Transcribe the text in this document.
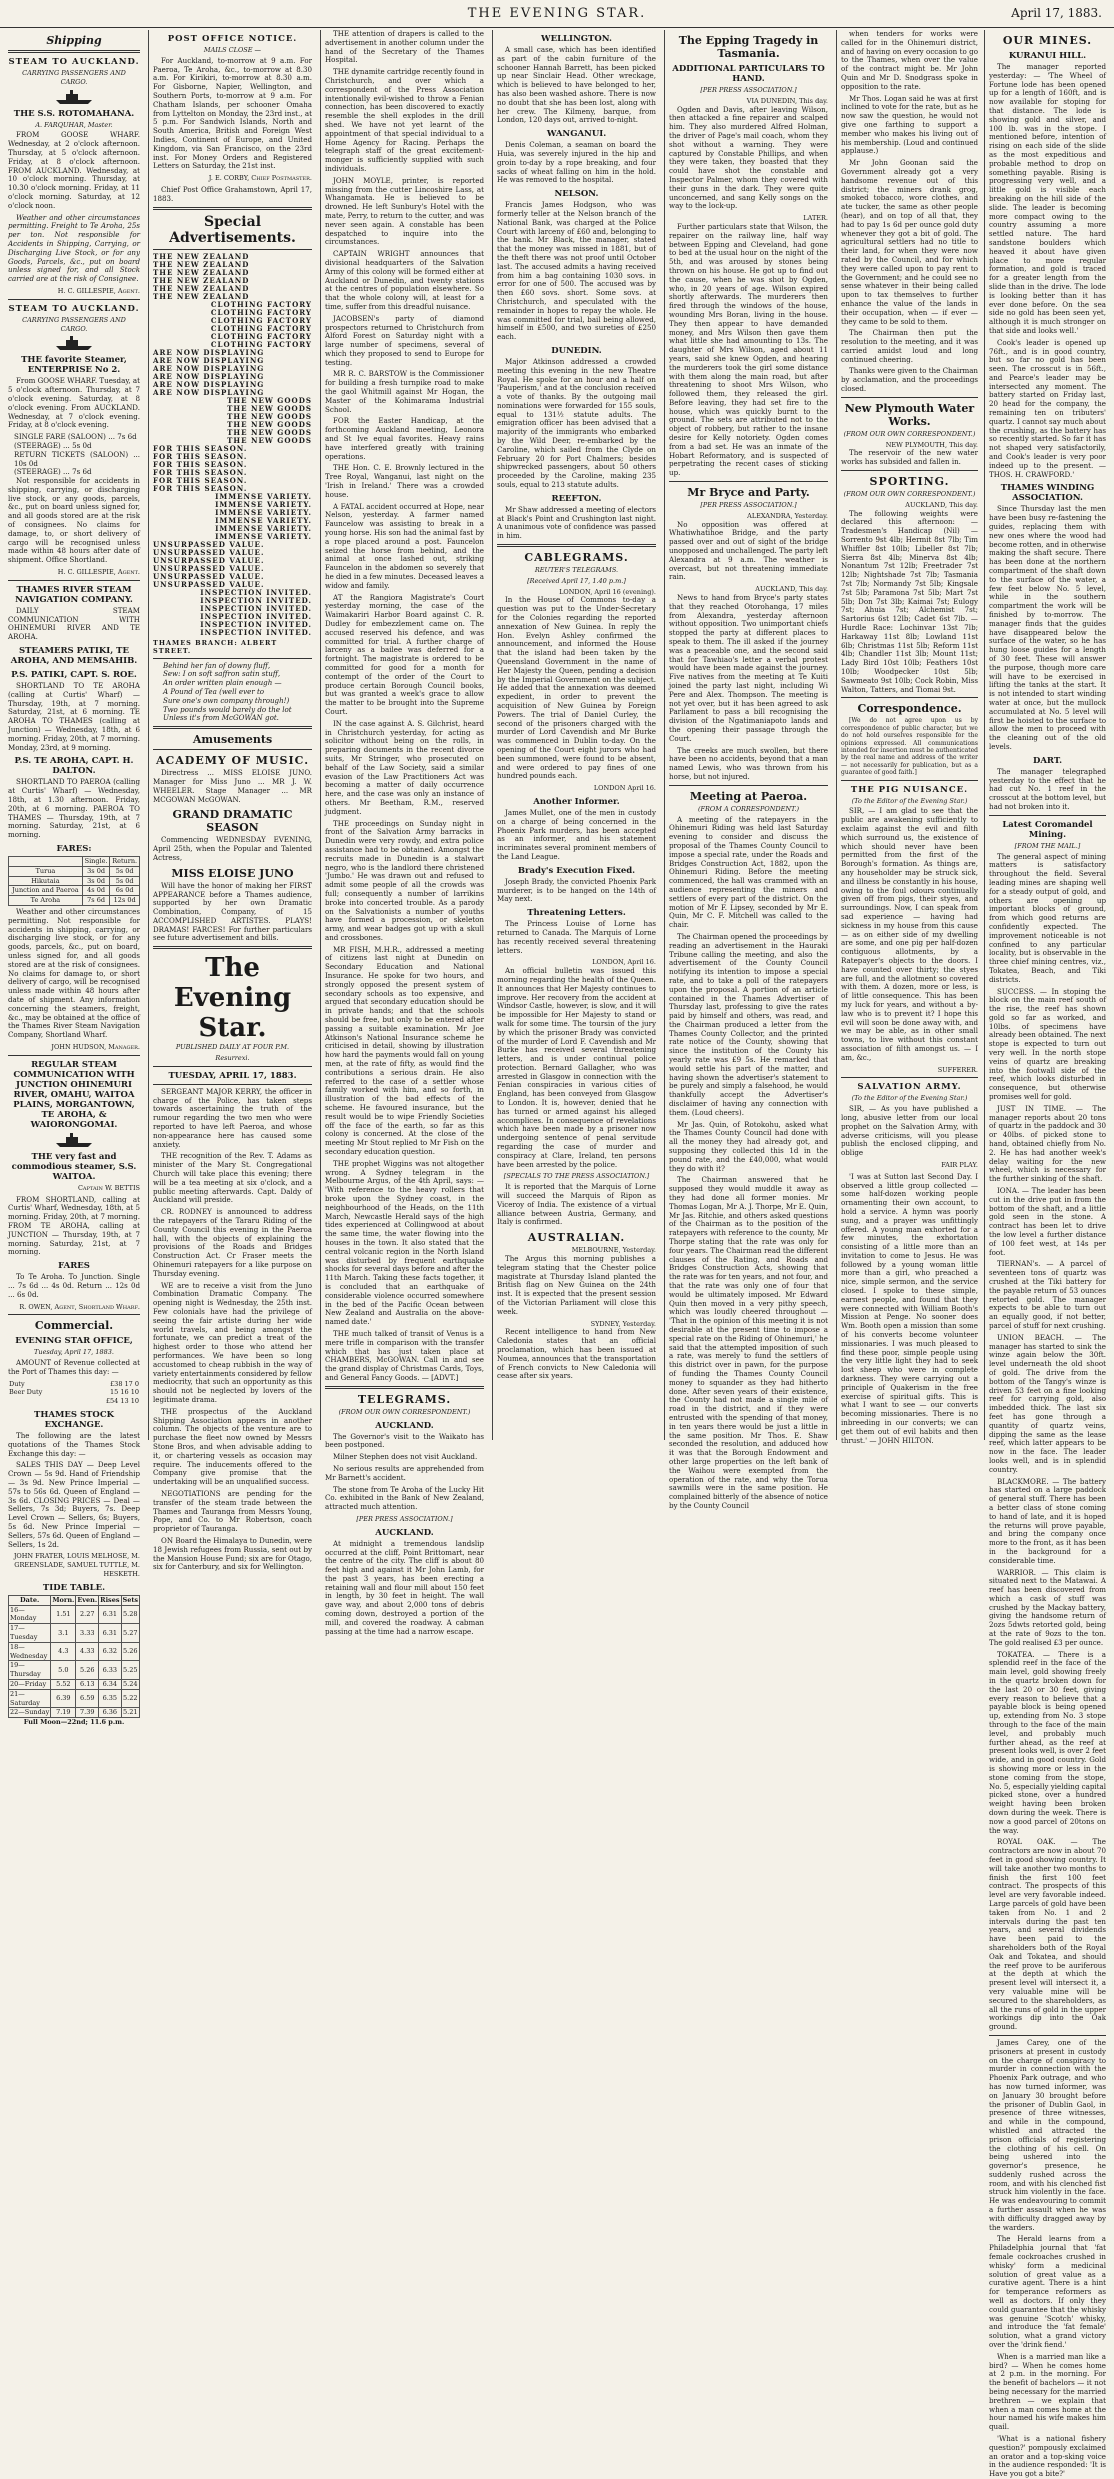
THE EVENING STAR.	April 17, 1883.
Shipping
STEAM TO AUCKLAND.
CARRYING PASSENGERS AND CARGO.
THE S.S. ROTOMAHANA.
A. FARQUHAR, Master.
FROM GOOSE WHARF. Wednesday, at 2 o'clock afternoon. Thursday, at 5 o'clock afternoon. Friday, at 8 o'clock afternoon. FROM AUCKLAND. Wednesday, at 10 o'clock morning. Thursday, at 10.30 o'clock morning. Friday, at 11 o'clock morning. Saturday, at 12 o'clock noon.
Weather and other circumstances permitting. Freight to Te Aroha, 25s per ton. Not responsible for Accidents in Shipping, Carrying, or Discharging Live Stock, or for any Goods, Parcels, &c., put on board unless signed for, and all Stock carried are at the risk of Consignee.
H. C. GILLESPIE, Agent.
STEAM TO AUCKLAND.
CARRYING PASSENGERS AND CARGO.
THE favorite Steamer, ENTERPRISE No 2.
From GOOSE WHARF. Tuesday, at 5 o'clock afternoon. Thursday, at 7 o'clock evening. Saturday, at 8 o'clock evening. From AUCKLAND. Wednesday, at 7 o'clock evening. Friday, at 8 o'clock evening.
SINGLE FARE (SALOON) ... 7s 6d
(STEERAGE) ... 5s 0d
RETURN TICKETS (SALOON) ... 10s 0d
(STEERAGE) ... 7s 6d
Not responsible for accidents in shipping, carrying, or discharging live stock, or any goods, parcels, &c., put on board unless signed for, and all goods stored are at the risk of consignees. No claims for damage, to, or short delivery of cargo will be recognised unless made within 48 hours after date of shipment. Office Shortland.
H. C. GILLESPIE, Agent.
THAMES RIVER STEAM NAVIGATION COMPANY.
DAILY STEAM COMMUNICATION WITH OHINEMURI RIVER AND TE AROHA.
STEAMERS PATIKI, TE AROHA, AND MEMSAHIB.
P.S. PATIKI, CAPT. S. ROE.
SHORTLAND TO TE AROHA (calling at Curtis' Wharf) — Thursday, 19th, at 7 morning. Saturday, 21st, at 6 morning. TE AROHA TO THAMES (calling at Junction) — Wednesday, 18th, at 6 morning. Friday, 20th, at 7 morning. Monday, 23rd, at 9 morning.
P.S. TE AROHA, CAPT. H. DALTON.
SHORTLAND TO PAEROA (calling at Curtis' Wharf) — Wednesday, 18th, at 1.30 afternoon. Friday, 20th, at 6 morning. PAEROA TO THAMES — Thursday, 19th, at 7 morning. Saturday, 21st, at 6 morning.
FARES:
	Single.	Return.
Turua	3s 0d	5s 0d
Hikutaia	3s 0d	5s 0d
Junction and Paeroa	4s 0d	6s 0d
Te Aroha	7s 6d	12s 0d
Weather and other circumstances permitting. Not responsible for accidents in shipping, carrying, or discharging live stock, or for any goods, parcels, &c., put on board, unless signed for, and all goods stored are at the risk of consignees. No claims for damage to, or short delivery of cargo, will be recognised unless made within 48 hours after date of shipment. Any information concerning the steamers, freight, &c., may be obtained at the office of the Thames River Steam Navigation Company, Shortland Wharf.
JOHN HUDSON, Manager.
REGULAR STEAM COMMUNICATION WITH JUNCTION OHINEMURI RIVER, OMAHU, WAITOA PLAINS, MORGANTOWN, TE AROHA, & WAIORONGOMAI.
THE very fast and commodious steamer, S.S. WAITOA.
Captain W. BETTIS
FROM SHORTLAND, calling at Curtis' Wharf, Wednesday, 18th, at 5 morning. Friday, 20th, at 7 morning. FROM TE AROHA, calling at JUNCTION — Thursday, 19th, at 7 morning. Saturday, 21st, at 7 morning.
FARES
To Te Aroha. To Junction. Single ... 7s 6d ... 4s 0d. Return ... 12s 0d ... 6s 0d.
R. OWEN, Agent, Shortland Wharf.
Commercial.
EVENING STAR OFFICE,
Tuesday, April 17, 1883.
AMOUNT of Revenue collected at the Port of Thames this day: —
Duty	£38 17 0
Beer Duty	15 16 10
	£54 13 10
THAMES STOCK EXCHANGE.
The following are the latest quotations of the Thames Stock Exchange this day: —
SALES THIS DAY — Deep Level Crown — 5s 9d. Hand of Friendship — 3s 9d. New Prince Imperial — 57s to 56s 6d. Queen of England — 3s 6d. CLOSING PRICES — Deal — Sellers, 7s 3d; Buyers, 7s. Deep Level Crown — Sellers, 6s; Buyers, 5s 6d. New Prince Imperial — Sellers, 57s 6d. Queen of England — Sellers, 1s 2d.
JOHN FRATER, LOUIS MELHOSE, M. GREENSLADE, SAMUEL TUTTLE, M. HESKETH.
TIDE TABLE.
Date.	Morn.	Even.	Rises	Sets
16—Monday	1.51	2.27	6.31	5.28
17—Tuesday	3.1	3.33	6.31	5.27
18—Wednesday	4.3	4.33	6.32	5.26
19—Thursday	5.0	5.26	6.33	5.25
20—Friday	5.52	6.13	6.34	5.24
21—Saturday	6.39	6.59	6.35	5.22
22—Sunday	7.19	7.39	6.36	5.21
Full Moon—22nd; 11.6 p.m.
POST OFFICE NOTICE.
MAILS CLOSE —
For Auckland, to-morrow at 9 a.m. For Paeroa, Te Aroha, &c., to-morrow at 8.30 a.m. For Kirikiri, to-morrow at 8.30 a.m. For Gisborne, Napier, Wellington, and Southern Ports, to-morrow at 9 a.m. For Chatham Islands, per schooner Omaha from Lyttelton on Monday, the 23rd inst., at 5 p.m. For Sandwich Islands, North and South America, British and Foreign West Indies, Continent of Europe, and United Kingdom, via San Francisco, on the 23rd inst. For Money Orders and Registered Letters on Saturday, the 21st inst.
J. E. CORBY, Chief Postmaster.
Chief Post Office Grahamstown, April 17, 1883.
Special Advertisements.
THE NEW ZEALAND
THE NEW ZEALAND
THE NEW ZEALAND
THE NEW ZEALAND
THE NEW ZEALAND
THE NEW ZEALAND
CLOTHING FACTORY
CLOTHING FACTORY
CLOTHING FACTORY
CLOTHING FACTORY
CLOTHING FACTORY
CLOTHING FACTORY
ARE NOW DISPLAYING
ARE NOW DISPLAYING
ARE NOW DISPLAYING
ARE NOW DISPLAYING
ARE NOW DISPLAYING
ARE NOW DISPLAYING
THE NEW GOODS
THE NEW GOODS
THE NEW GOODS
THE NEW GOODS
THE NEW GOODS
THE NEW GOODS
FOR THIS SEASON.
FOR THIS SEASON.
FOR THIS SEASON.
FOR THIS SEASON.
FOR THIS SEASON.
FOR THIS SEASON.
IMMENSE VARIETY.
IMMENSE VARIETY.
IMMENSE VARIETY.
IMMENSE VARIETY.
IMMENSE VARIETY.
IMMENSE VARIETY.
UNSURPASSED VALUE.
UNSURPASSED VALUE.
UNSURPASSED VALUE.
UNSURPASSED VALUE.
UNSURPASSED VALUE.
UNSURPASSED VALUE.
INSPECTION INVITED.
INSPECTION INVITED.
INSPECTION INVITED.
INSPECTION INVITED.
INSPECTION INVITED.
INSPECTION INVITED.
THAMES BRANCH: ALBERT STREET.
Behind her fan of downy fluff,
Sew: I on soft saffron satin stuff,
An order written plain enough —
A Pound of Tea (well ever to
Sure one's own company through!)
Two pounds would barely do the lot
Unless it's from McGOWAN got.
Amusements
ACADEMY OF MUSIC.
Directress ... MISS ELOISE JUNO. Manager for Miss Juno ... MR J. W. WHEELER. Stage Manager ... MR MCGOWAN McGOWAN.
GRAND DRAMATIC SEASON
Commencing WEDNESDAY EVENING, April 25th, when the Popular and Talented Actress,
MISS ELOISE JUNO
Will have the honor of making her FIRST APPEARANCE before a Thames audience, supported by her own Dramatic Combination, Company, of 15 ACCOMPLISHED ARTISTES. PLAYS! DRAMAS! FARCES! For further particulars see future advertisement and bills.
The Evening Star.
PUBLISHED DAILY AT FOUR P.M.
Resurrexi.
TUESDAY, APRIL 17, 1883.
SERGEANT MAJOR KERRY, the officer in charge of the Police, has taken steps towards ascertaining the truth of the rumour regarding the two men who were reported to have left Paeroa, and whose non-appearance here has caused some anxiety.
THE recognition of the Rev. T. Adams as minister of the Mary St. Congregational Church will take place this evening; there will be a tea meeting at six o'clock, and a public meeting afterwards. Capt. Daldy of Auckland will preside.
CR. RODNEY is announced to address the ratepayers of the Tararu Riding of the County Council this evening in the Paeroa hall, with the objects of explaining the provisions of the Roads and Bridges Construction Act. Cr Fraser meets the Ohinemuri ratepayers for a like purpose on Thursday evening.
WE are to receive a visit from the Juno Combination Dramatic Company. The opening night is Wednesday, the 25th inst. Few colonials have had the privilege of seeing the fair artiste during her wide world travels, and being amongst the fortunate, we can predict a treat of the highest order to those who attend her performances. We have been so long accustomed to cheap rubbish in the way of variety entertainments considered by fellow mediocrity, that such an opportunity as this should not be neglected by lovers of the legitimate drama.
THE prospectus of the Auckland Shipping Association appears in another column. The objects of the venture are to purchase the fleet now owned by Messrs Stone Bros, and when advisable adding to it, or chartering vessels as occasion may require. The inducements offered to the Company give promise that the undertaking will be an unqualified success.
NEGOTIATIONS are pending for the transfer of the steam trade between the Thames and Tauranga from Messrs Young, Pope, and Co. to Mr Robertson, coach proprietor of Tauranga.
ON Board the Himalaya to Dunedin, were 18 Jewish refugees from Russia, sent out by the Mansion House Fund; six are for Otago, six for Canterbury, and six for Wellington.
THE attention of drapers is called to the advertisement in another column under the hand of the Secretary of the Thames Hospital.
THE dynamite cartridge recently found in Christchurch, and over which a correspondent of the Press Association intentionally evil-wished to throw a Fenian connection, has been discovered to exactly resemble the shell explodes in the drill shed. We have not yet learnt of the appointment of that special individual to a Home Agency for Racing. Perhaps the telegraph staff of the great excitement-monger is sufficiently supplied with such individuals.
JOHN MOYLE, printer, is reported missing from the cutter Lincoshire Lass, at Whangamata. He is believed to be drowned. He left Sunbury's Hotel with the mate, Perry, to return to the cutter, and was never seen again. A constable has been despatched to inquire into the circumstances.
CAPTAIN WRIGHT announces that divisional headquarters of the Salvation Army of this colony will be formed either at Auckland or Dunedin, and twenty stations at the centres of population elsewhere. So that the whole colony will, at least for a time, suffer from this dreadful nuisance.
JACOBSEN's party of diamond prospectors returned to Christchurch from Alford Forest on Saturday night with a large number of specimens, several of which they proposed to send to Europe for testing.
MR R. C. BARSTOW is the Commissioner for building a fresh turnpike road to make the gaol Whitmill against Mr Hogan, the Master of the Kohimarama Industrial School.
FOR the Easter Handicap, at the forthcoming Auckland meeting, Leonora and St Ive equal favorites. Heavy rains have interfered greatly with training operations.
THE Hon. C. E. Brownly lectured in the Tree Royal, Wanganui, last night on the 'Irish in Ireland.' There was a crowded house.
A FATAL accident occurred at Hope, near Nelson, yesterday. A farmer named Fauncelow was assisting to break in a young horse. His son had the animal fast by a rope placed around a post. Fauncelon seized the horse from behind, and the animal at once lashed out, striking Fauncelon in the abdomen so severely that he died in a few minutes. Deceased leaves a widow and family.
AT the Rangiora Magistrate's Court yesterday morning, the case of the Waimakariri Harbor Board against C. R. Dudley for embezzlement came on. The accused reserved his defence, and was committed for trial. A further charge of larceny as a bailee was deferred for a fortnight. The magistrate is ordered to be committed for good for a month for contempt of the order of the Court to produce certain Borough Council books, but was granted a week's grace to allow the matter to be brought into the Supreme Court.
IN the case against A. S. Gilchrist, heard in Christchurch yesterday, for acting as solicitor without being on the rolls, in preparing documents in the recent divorce suits, Mr Stringer, who prosecuted on behalf of the Law Society, said a similar evasion of the Law Practitioners Act was becoming a matter of daily occurrence here, and the case was only an instance of others. Mr Beetham, R.M., reserved judgment.
THE proceedings on Sunday night in front of the Salvation Army barracks in Dunedin were very rowdy, and extra police assistance had to be obtained. Amongst the recruits made in Dunedin is a stalwart negro, who is the landlord there christened 'Jumbo.' He was drawn out and refused to admit some people of all the crowds was full; consequently a number of larrikins broke into concerted trouble. As a parody on the Salvationists a number of youths have formed a procession, or skeleton army, and wear badges got up with a skull and crossbones.
MR FISH, M.H.R., addressed a meeting of citizens last night at Dunedin on Secondary Education and National Insurance. He spoke for two hours, and strongly opposed the present system of secondary schools as too expensive, and argued that secondary education should be in private hands; and that the schools should be free, but only to be entered after passing a suitable examination. Mr Joe Atkinson's National Insurance scheme he criticised in detail, showing by illustration how hard the payments would fall on young men, at the rate of fifty, as would find the contributions a serious drain. He also referred to the case of a settler whose family worked with him, and so forth, in illustration of the bad effects of the scheme. He favoured insurance, but the result would be to wipe Friendly Societies off the face of the earth, so far as this colony is concerned. At the close of the meeting Mr Stout replied to Mr Fish on the secondary education question.
THE prophet Wiggins was not altogether wrong. A Sydney telegram in the Melbourne Argus, of the 4th April, says: — 'With reference to the heavy rollers that broke upon the Sydney coast, in the neighbourhood of the Heads, on the 11th March, Newcastle Herald says of the high tides experienced at Collingwood at about the same time, the water flowing into the houses in the town. It also stated that the central volcanic region in the North Island was disturbed by frequent earthquake shocks for several days before and after the 11th March. Taking these facts together, it is concluded that an earthquake of considerable violence occurred somewhere in the bed of the Pacific Ocean between New Zealand and Australia on the above-named date.'
THE much talked of transit of Venus is a mere trifle in comparison with the transfer which that has just taken place at CHAMBERS, McGOWAN. Call in and see the grand display of Christmas Cards, Toys, and General Fancy Goods. — [ADVT.]
TELEGRAMS.
(FROM OUR OWN CORRESPONDENT.)
AUCKLAND.
The Governor's visit to the Waikato has been postponed.
Milner Stephen does not visit Auckland.
No serious results are apprehended from Mr Barnett's accident.
The stone from Te Aroha of the Lucky Hit Co. exhibited in the Bank of New Zealand, attracted much attention.
[PER PRESS ASSOCIATION.]
AUCKLAND.
At midnight a tremendous landslip occurred at the cliff, Point Brittomart, near the centre of the city. The cliff is about 80 feet high and against it Mr John Lamb, for the past 3 years, has been erecting a retaining wall and flour mill about 150 feet in length, by 30 feet in height. The wall gave way, and about 2,000 tons of debris coming down, destroyed a portion of the mill, and covered the roadway. A cabman passing at the time had a narrow escape.
WELLINGTON.
A small case, which has been identified as part of the cabin furniture of the schooner Hannah Barrett, has been picked up near Sinclair Head. Other wreckage, which is believed to have belonged to her, has also been washed ashore. There is now no doubt that she has been lost, along with her crew. The Kilmeny, barque, from London, 120 days out, arrived to-night.
WANGANUI.
Denis Coleman, a seaman on board the Huia, was severely injured in the hip and groin to-day by a rope breaking, and four sacks of wheat falling on him in the hold. He was removed to the hospital.
NELSON.
Francis James Hodgson, who was formerly teller at the Nelson branch of the National Bank, was charged at the Police Court with larceny of £60 and, belonging to the bank. Mr Black, the manager, stated that the money was missed in 1881, but of the theft there was not proof until October last. The accused admits a having received from him a bag containing 1030 sovs. in error for one of 500. The accused was by then £60 sovs. short. Some sovs. at Christchurch, and speculated with the remainder in hopes to repay the whole. He was committed for trial, bail being allowed, himself in £500, and two sureties of £250 each.
DUNEDIN.
Major Atkinson addressed a crowded meeting this evening in the new Theatre Royal. He spoke for an hour and a half on 'Pauperism,' and at the conclusion received a vote of thanks. By the outgoing mail nominations were forwarded for 155 souls, equal to 131½ statute adults. The emigration officer has been advised that a majority of the immigrants who embarked by the Wild Deer, re-embarked by the Caroline, which sailed from the Clyde on February 20 for Port Chalmers; besides shipwrecked passengers, about 50 others proceeded by the Caroline, making 235 souls, equal to 213 statute adults.
REEFTON.
Mr Shaw addressed a meeting of electors at Black's Point and Crushington last night. A unanimous vote of confidence was passed in him.
CABLEGRAMS.
REUTER'S TELEGRAMS.
[Received April 17, 1.40 p.m.]
LONDON, April 16 (evening).
In the House of Commons to-day a question was put to the Under-Secretary for the Colonies regarding the reported annexation of New Guinea. In reply the Hon. Evelyn Ashley confirmed the announcement, and informed the House that the island had been taken by the Queensland Government in the name of Her Majesty the Queen, pending a decision by the Imperial Government on the subject. He added that the annexation was deemed expedient, in order to prevent the acquisition of New Guinea by Foreign Powers. The trial of Daniel Curley, the second of the prisoners charged with the murder of Lord Cavendish and Mr Burke was commenced in Dublin to-day. On the opening of the Court eight jurors who had been summoned, were found to be absent, and were ordered to pay fines of one hundred pounds each.
LONDON April 16.
Another Informer.
James Mullet, one of the men in custody on a charge of being concerned in the Phoenix Park murders, has been accepted as an informer, and his statement incriminates several prominent members of the Land League.
Brady's Execution Fixed.
Joseph Brady, the convicted Phoenix Park murderer, is to be hanged on the 14th of May next.
Threatening Letters.
The Princess Louise of Lorne has returned to Canada. The Marquis of Lorne has recently received several threatening letters.
LONDON, April 16.
An official bulletin was issued this morning regarding the health of the Queen. It announces that Her Majesty continues to improve. Her recovery from the accident at Windsor Castle, however, is slow, and it will be impossible for Her Majesty to stand or walk for some time. The toursin of the jury by which the prisoner Brady was convicted of the murder of Lord F. Cavendish and Mr Burke has received several threatening letters, and is under continual police protection. Bernard Gallagher, who was arrested in Glasgow in connection with the Fenian conspiracies in various cities of England, has been conveyed from Glasgow to London. It is, however, denied that he has turned or armed against his alleged accomplices. In consequence of revelations which have been made by a prisoner now undergoing sentence of penal servitude regarding the case of murder and conspiracy at Clare, Ireland, ten persons have been arrested by the police.
[SPECIALS TO THE PRESS ASSOCIATION.]
It is reported that the Marquis of Lorne will succeed the Marquis of Ripon as Viceroy of India. The existence of a virtual alliance between Austria, Germany, and Italy is confirmed.
AUSTRALIAN.
MELBOURNE, Yesterday.
The Argus this morning publishes a telegram stating that the Chester police magistrate at Thursday Island planted the British flag on New Guinea on the 24th inst. It is expected that the present session of the Victorian Parliament will close this week.
SYDNEY, Yesterday.
Recent intelligence to hand from New Caledonia states that an official proclamation, which has been issued at Noumea, announces that the transportation of French convicts to New Caledonia will cease after six years.
The Epping Tragedy in Tasmania.
ADDITIONAL PARTICULARS TO HAND.
[PER PRESS ASSOCIATION.]
VIA DUNEDIN, This day.
Ogden and Davis, after leaving Wilson, then attacked a fine repairer and scalped him. They also murdered Alfred Holman, the driver of Page's mail coach, whom they shot without a warning. They were captured by Constable Phillips, and when they were taken, they boasted that they could have shot the constable and Inspector Palmer, whom they covered with their guns in the dark. They were quite unconcerned, and sang Kelly songs on the way to the lock-up.
LATER.
Further particulars state that Wilson, the repairer on the railway line, half way between Epping and Cleveland, had gone to bed at the usual hour on the night of the 5th, and was aroused by stones being thrown on his house. He got up to find out the cause, when he was shot by Ogden, who, in 20 years of age. Wilson expired shortly afterwards. The murderers then fired through the windows of the house, wounding Mrs Boran, living in the house. They then appear to have demanded money, and Mrs Wilson then gave them what little she had amounting to 13s. The daughter of Mrs Wilson, aged about 11 years, said she knew Ogden, and hearing the murderers took the girl some distance with them along the main road, but after threatening to shoot Mrs Wilson, who followed them, they released the girl. Before leaving, they had set fire to the house, which was quickly burnt to the ground. The sets are attributed not to the object of robbery, but rather to the insane desire for Kelly notoriety. Ogden comes from a bad set. He was an inmate of the Hobart Reformatory, and is suspected of perpetrating the recent cases of sticking up.
Mr Bryce and Party.
[PER PRESS ASSOCIATION.]
ALEXANDRA, Yesterday.
No opposition was offered at Whatiwhatihoe Bridge, and the party passed over and out of sight of the bridge unopposed and unchallenged. The party left Alexandra at 9 a.m. The weather is overcast, but not threatening immediate rain.
AUCKLAND, This day.
News to hand from Bryce's party states that they reached Otorohanga, 17 miles from Alexandra, yesterday afternoon without opposition. Two unimportant chiefs stopped the party at different places to speak to them. The ill asked if the journey was a peaceable one, and the second said that for Tawhiao's letter a verbal protest would have been made against the journey. Five natives from the meeting at Te Kuiti joined the party last night, including Wi Pere and Alex. Thompson. The meeting is not yet over, but it has been agreed to ask Parliament to pass a bill recognising the division of the Ngatimaniapoto lands and the opening their passage through the Court.
The creeks are much swollen, but there have been no accidents, beyond that a man named Lewis, who was thrown from his horse, but not injured.
Meeting at Paeroa.
(FROM A CORRESPONDENT.)
A meeting of the ratepayers in the Ohinemuri Riding was held last Saturday evening to consider and discuss the proposal of the Thames County Council to impose a special rate, under the Roads and Bridges Construction Act, 1882, upon the Ohinemuri Riding. Before the meeting commenced, the hall was crammed with an audience representing the miners and settlers of every part of the district. On the motion of Mr F. Lipsey, seconded by Mr E. Quin, Mr C. F. Mitchell was called to the chair.
The Chairman opened the proceedings by reading an advertisement in the Hauraki Tribune calling the meeting, and also the advertisement of the County Council notifying its intention to impose a special rate, and to take a poll of the ratepayers upon the proposal. A portion of an article contained in the Thames Advertiser of Thursday last, professing to give the rates paid by himself and others, was read, and the Chairman produced a letter from the Thames County Collector, and the printed rate notice of the County, showing that since the institution of the County his yearly rate was £9 5s. He remarked that would settle his part of the matter, and having shown the advertiser's statement to be purely and simply a falsehood, he would thankfully accept the Advertiser's disclaimer of having any connection with them. (Loud cheers).
Mr Jas. Quin, of Rotokohu, asked what the Thames County Council had done with all the money they had already got, and supposing they collected this 1d in the pound rate, and the £40,000, what would they do with it?
The Chairman answered that he supposed they would muddle it away as they had done all former monies. Mr Thomas Logan, Mr A. J. Thorpe, Mr E. Quin, Mr Jas. Ritchie, and others asked questions of the Chairman as to the position of the ratepayers with reference to the county, Mr Thorpe stating that the rate was only for four years. The Chairman read the different clauses of the Rating, and Roads and Bridges Construction Acts, showing that the rate was for ten years, and not four, and that the rate was only one of four that would be ultimately imposed. Mr Edward Quin then moved in a very pithy speech, which was loudly cheered throughout — 'That in the opinion of this meeting it is not desirable at the present time to impose a special rate on the Riding of Ohinemuri,' he said that the attempted imposition of such a rate, was merely to fund the settlers of this district over in pawn, for the purpose of funding the Thames County Council money to squander as they had hitherto done. After seven years of their existence, the County had not made a single mile of road in the district, and if they were entrusted with the spending of that money, in ten years there would be just a little in the same position. Mr Thos. E. Shaw seconded the resolution, and adduced how it was that the Borough Endowment and other large properties on the left bank of the Waihou were exempted from the operation of the rate, and why the Torua sawmills were in the same position. He complained bitterly of the absence of notice by the County Council
when tenders for works were called for in the Ohinemuri district, and of having on every occasion to go to the Thames, when over the value of the contract might be. Mr John Quin and Mr D. Snodgrass spoke in opposition to the rate.
Mr Thos. Logan said he was at first inclined to vote for the rate, but as he now saw the question, he would not give one farthing to support a member who makes his living out of his membership. (Loud and continued applause.)
Mr John Goonan said the Government already got a very handsome revenue out of this district; the miners drank grog, smoked tobacco, wore clothes, and ate tucker, the same as other people (hear), and on top of all that, they had to pay 1s 6d per ounce gold duty whenever they got a bit of gold. The agricultural settlers had no title to their land, for when they were now rated by the Council, and for which they were called upon to pay rent to the Government; and he could see no sense whatever in their being called upon to tax themselves to further enhance the value of the lands in their occupation, when — if ever — they came to be sold to them.
The Chairman then put the resolution to the meeting, and it was carried amidst loud and long continued cheering.
Thanks were given to the Chairman by acclamation, and the proceedings closed.
New Plymouth Water Works.
(FROM OUR OWN CORRESPONDENT.)
NEW PLYMOUTH, This day.
The reservoir of the new water works has subsided and fallen in.
SPORTING.
(FROM OUR OWN CORRESPONDENT.)
AUCKLAND, This day.
The following weights were declared this afternoon: — Tradesmen's Handicap (Nil) — Sorrento 9st 4lb; Hermit 8st 7lb; Tim Whiffler 8st 10lb; Libeller 8st 7lb; Sierra 8st 4lb; Minerva 8st 4lb; Nonantum 7st 12lb; Freetrader 7st 12lb; Nightshade 7st 7lb; Tasmania 7st 7lb; Normandy 7st 5lb; Kingsale 7st 5lb; Paramona 7st 5lb; Mart 7st 5lb; Don 7st 3lb; Kaimai 7st; Eulogy 7st; Ahuia 7st; Alchemist 7st; Sartorius 6st 12lb; Cadet 6st 7lb. — Hurdle Race: Lochinvar 13st 7lb; Harkaway 11st 8lb; Lowland 11st 6lb; Christmas 11st 5lb; Reform 11st 4lb; Chandler 11st 3lb; Mount 11st; Lady Bird 10st 10lb; Feathers 10st 10lb; Woodpecker 10st 5lb; Sawmeato 9st 10lb; Cock Robin, Miss Walton, Tatters, and Tiomai 9st.
Correspondence.
[We do not agree upon us by correspondence of public character, but we do not hold ourselves responsible for the opinions expressed. All communications intended for insertion must be authenticated by the real name and address of the writer — not necessarily for publication, but as a guarantee of good faith.]
THE PIG NUISANCE.
(To the Editor of the Evening Star.)
SIR, — I am glad to see that the public are awakening sufficiently to exclaim against the evil and filth which surround us, the existence of which should never have been permitted from the first of the Borough's formation. As things are, any householder may be struck sick, and illness be constantly in his house, owing to the foul odours continually given off from pigs, their styes, and surroundings. Now, I can speak from sad experience — having had sickness in my house from this cause — as on either side of my dwelling are some, and one pig per half-dozen contiguous allotments, by a Ratepayer's objects to the doors. I have counted over thirty; the styes are full, and the allotment so covered with them. A dozen, more or less, is of little consequence. This has been my luck for years, and without a by-law who is to prevent it? I hope this evil will soon be done away with, and we may be able, as in other small towns, to live without this constant association of filth amongst us. — I am, &c.,
SUFFERER.
SALVATION ARMY.
(To the Editor of the Evening Star.)
SIR, — As you have published a long, abusive letter from our local prophet on the Salvation Army, with adverse criticisms, will you please publish the enclosed clipping, and oblige
FAIR PLAY.
'I was at Sutton last Second Day. I observed a little group collected — some half-dozen working people ornamenting their own account, to hold a service. A hymn was poorly sung, and a prayer was unfittingly offered. A young man exhorted for a few minutes, the exhortation consisting of a little more than an invitation to come to Jesus. He was followed by a young woman little more than a girl, who preached a nice, simple sermon, and the service closed. I spoke to these simple, earnest people, and found that they were connected with William Booth's Mission at Penge. No sooner does Wm. Booth open a mission than some of his converts become volunteer missionaries. I was much pleased to find these poor, simple people using the very little light they had to seek lost sheep who were in complete darkness. They were carrying out a principle of Quakerism in the free exercise of spiritual gifts. This is what I want to see — our converts becoming missionaries. There is no inbreeding in our converts; we can get them out of evil habits and then thrust.' — JOHN HILTON.
OUR MINES.
KURANUI HILL.
The manager reported yesterday: — 'The Wheel of Fortune lode has been opened up for a length of 160ft, and is now available for stoping for that distance. The lode is showing gold and silver, and 100 lb. was in the stope. I mentioned before, intention of rising on each side of the slide as the most expeditious and probable method to drop on something payable. Rising is progressing very well, and a little gold is visible each breaking on the hill side of the slide. The leader is becoming more compact owing to the country assuming a more settled nature. The hard sandstone boulders which heaved it about have given place to more regular formation, and gold is traced for a greater length from the slide than in the drive. The lode is looking better than it has ever done before. On the sea side no gold has been seen yet, although it is much stronger on that side and looks well.'
Cook's leader is opened up 76ft., and is in good country, but so far no gold has been seen. The crosscut is in 56ft., and Pearce's leader may be intersected any moment. The battery started on Friday last, 20 head for the company, the remaining ten on tributers' quartz. I cannot say much about the crushing, as the battery has so recently started. So far it has not shaped very satisfactorily, and Cook's leader is very poor indeed up to the present. — THOS. H. CRAWFORD.'
THAMES WINDING ASSOCIATION.
Since Thursday last the men have been busy re-fastening the guides, replacing them with new ones where the wood had become rotten, and in otherwise making the shaft secure. There has been done at the northern compartment of the shaft down to the surface of the water, a few feet below No. 5 level, while in the southern compartment the work will be finished by to-morrow. The manager finds that the guides have disappeared below the surface of the water, so he has hung loose guides for a length of 30 feet. These will answer the purpose, though more care will have to be exercised in lifting the tanks at the start. It is not intended to start winding water at once, but the mullock accumulated at No. 5 level will first be hoisted to the surface to allow the men to proceed with the cleaning out of the old levels.
DART.
The manager telegraphed yesterday to the effect that he had cut No. 1 reef in the crosscut at the bottom level, but had not broken into it.
Latest Coromandel Mining.
[FROM THE MAIL.]
The general aspect of mining matters is satisfactory throughout the field. Several leading mines are shaping well for a steady output of gold, and others are opening up important blocks of ground, from which good returns are confidently expected. The improvement noticeable is not confined to any particular locality, but is observable in the three chief mining centres, viz., Tokatea, Beach, and Tiki districts.
SUCCESS. — In stoping the block on the main reef south of the rise, the reef has shown gold so far as worked, and 10lbs. of specimens have already been obtained. The next stope is expected to turn out very well. In the north stope veins of quartz are breaking into the footwall side of the reef, which looks disturbed in consequence, but otherwise promises well for gold.
JUST IN TIME. — The manager reports about 20 tons of quartz in the paddock and 30 or 40lbs. of picked stone to hand, obtained chiefly from No. 2. He has had another week's delay waiting for the new wheel, which is necessary for the further sinking of the shaft.
IONA. — The leader has been cut in the drive put in from the bottom of the shaft, and a little gold seen in the stone. A contract has been let to drive the low level a further distance of 100 feet west, at 14s per foot.
TIERNAN's. — A parcel of seventeen tons of quartz was crushed at the Tiki battery for the payable return of 53 ounces retorted gold. The manager expects to be able to turn out an equally good, if not better, parcel of stuff for next crushing.
UNION BEACH. — The manager has started to sink the winze again below the 30ft. level underneath the old shoot of gold. The drive from the bottom of the Tangy's winze is driven 53 feet on a fine looking reef for carrying gold, also imbedded thick. The last six feet has gone through a quantity of quartz veins, dipping the same as the lease reef, which latter appears to be now in the face. The leader looks well, and is in splendid country.
BLACKMORE. — The battery has started on a large paddock of general stuff. There has been a better class of stone coming to hand of late, and it is hoped the returns will prove payable, and bring the company once more to the front, as it has been in the background for a considerable time.
WARRIOR. — This claim is situated next to the Matawai. A reef has been discovered from which a cask of stuff was crushed by the Mackay battery, giving the handsome return of 2ozs 5dwts retorted gold, being at the rate of 9ozs to the ton. The gold realised £3 per ounce.
TOKATEA. — There is a splendid reef in the face of the main level, gold showing freely in the quartz broken down for the last 20 or 30 feet, giving every reason to believe that a payable block is being opened up, extending from No. 3 stope through to the face of the main level, and probably much further ahead, as the reef at present looks well, is over 2 feet wide, and in good country. Gold is showing more or less in the stone coming from the stope, No. 5, especially yielding capital picked stone, over a hundred weight having been broken down during the week. There is now a good parcel of 20tons on the way.
ROYAL OAK. — The contractors are now in about 70 feet in good showing country. It will take another two months to finish the first 100 feet contract. The prospects of this level are very favorable indeed. Large parcels of gold have been taken from No. 1 and 2 intervals during the past ten years, and several dividends have been paid to the shareholders both of the Royal Oak and Tokatea, and should the reef prove to be auriferous at the depth at which the present level will intersect it, a very valuable mine will be secured to the shareholders, as all the runs of gold in the upper workings dip into the Oak ground.
James Carey, one of the prisoners at present in custody on the charge of conspiracy to murder in connection with the Phoenix Park outrage, and who has now turned informer, was on January 30 brought before the prisoner of Dublin Gaol, in presence of three witnesses, and while in the compound, whistled and attracted the prison officials of registering the clothing of his cell. On being ushered into the governor's presence, he suddenly rushed across the room, and with his clenched fist struck him violently in the face. He was endeavouring to commit a further assault when he was with difficulty dragged away by the warders.
The Herald learns from a Philadelphia journal that 'fat female cockroaches crushed in whisky' form a medicinal solution of great value as a curative agent. There is a hint for temperance reformers as well as doctors. If only they could guarantee that the whisky was genuine 'Scotch' whisky, and introduce the 'fat female' solution, what a grand victory over the 'drink fiend.'
When is a married man like a bird? — When he comes home at 2 p.m. in the morning. For the benefit of bachelors — it not being necessary for the married brethren — we explain that when a man comes home at the hour named his wife makes him quail.
'What is a national fishery question?' pompously exclaimed an orator and a top-sking voice in the audience responded: 'It is Have you got a bite?'
